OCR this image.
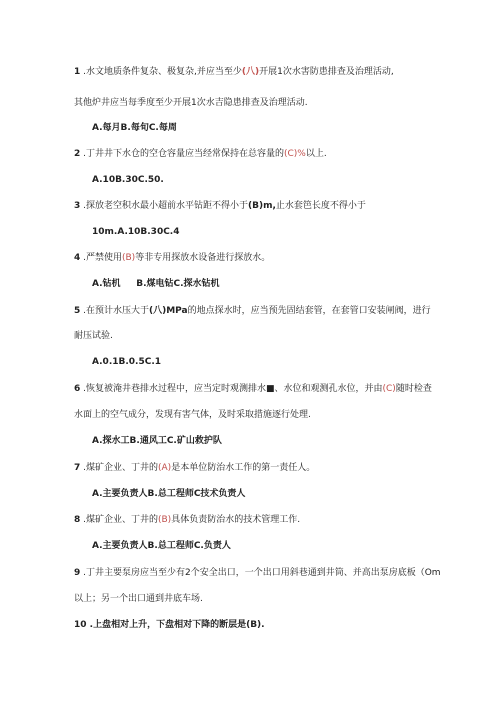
1 .水文地质条件复杂、极复杂,并应当至少(八)开展1次水害防患排查及治理活动,
其他炉井应当每季度至少开展1次水吉隐患排查及治理活动.
A.每月B.每旬C.每周
2 .丁井井下水仓的空仓容量应当经常保持在总容量的(C)%以上.
A.10B.30C.50.
3 .探放老空积水最小超前水平钻距不得小于(B)m,止水套笆长度不得小于
10m.A.10B.30C.4
4 .严禁使用(B)等非专用探放水设备进行探放水。
A.钻机     B.煤电钻C.探水钻机
5 .在预计水压大于(八)MPa的地点探水时，应当预先固结套管，在套管口安装闸阀，进行
耐压试验.
A.0.1B.0.5C.1
6 .恢复被淹井巷排水过程中，应当定时观测排水■、水位和观测孔水位，并由(C)随时检查
水面上的空气成分，发现有害气体，及时采取措施逐行处理.
A.探水工B.通风工C.矿山救护队
7 .煤矿企业、丁井的(A)是本单位防治水工作的第一责任人。
A.主要负责人B.总工程师C技术负责人
8 .煤矿企业、丁井的(B)具体负责防治水的技术管理工作.
A.主要负责人B.总工程师C.负责人
9 .丁井主要泵房应当至少有2个安全出口，一个出口用斜巷通到井筒、并高出泵房底板（Om
以上；另一个出口通到井底车场.
10 .上盘相对上升，下盘相对下降的断层是(B).
